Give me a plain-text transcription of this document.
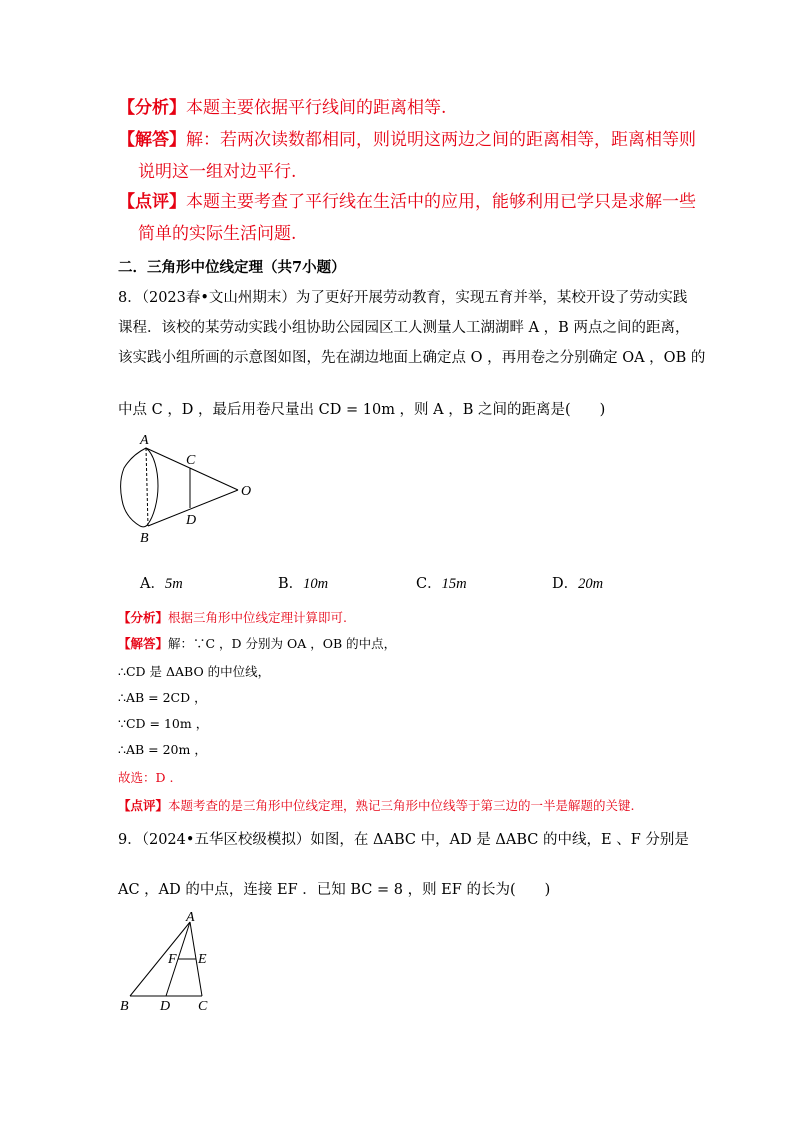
【分析】本题主要依据平行线间的距离相等.
【解答】解：若两次读数都相同，则说明这两边之间的距离相等，距离相等则
说明这一组对边平行.
【点评】本题主要考查了平行线在生活中的应用，能够利用已学只是求解一些
简单的实际生活问题.
二．三角形中位线定理（共7小题）
8．（2023春•文山州期末）为了更好开展劳动教育，实现五育并举，某校开设了劳动实践
课程．该校的某劳动实践小组协助公园园区工人测量人工湖湖畔 A ，B 两点之间的距离，
该实践小组所画的示意图如图，先在湖边地面上确定点 O ，再用卷之分别确定 OA ，OB 的
中点 C ，D ，最后用卷尺量出 CD = 10m ，则 A ，B 之间的距离是(　　)
A
B
C
D
O
A．5m	B．10m	C．15m	D．20m
【分析】根据三角形中位线定理计算即可.
【解答】解：∵C ，D 分别为 OA ，OB 的中点，
∴CD 是 ΔABO 的中位线，
∴AB = 2CD ，
∵CD = 10m ，
∴AB = 20m ，
故选：D .
【点评】本题考查的是三角形中位线定理，熟记三角形中位线等于第三边的一半是解题的关键.
9．（2024•五华区校级模拟）如图，在 ΔABC 中，AD 是 ΔABC 的中线，E 、F 分别是
AC ，AD 的中点，连接 EF ．已知 BC = 8 ，则 EF 的长为(　　)
A
B	C
D
E
F
